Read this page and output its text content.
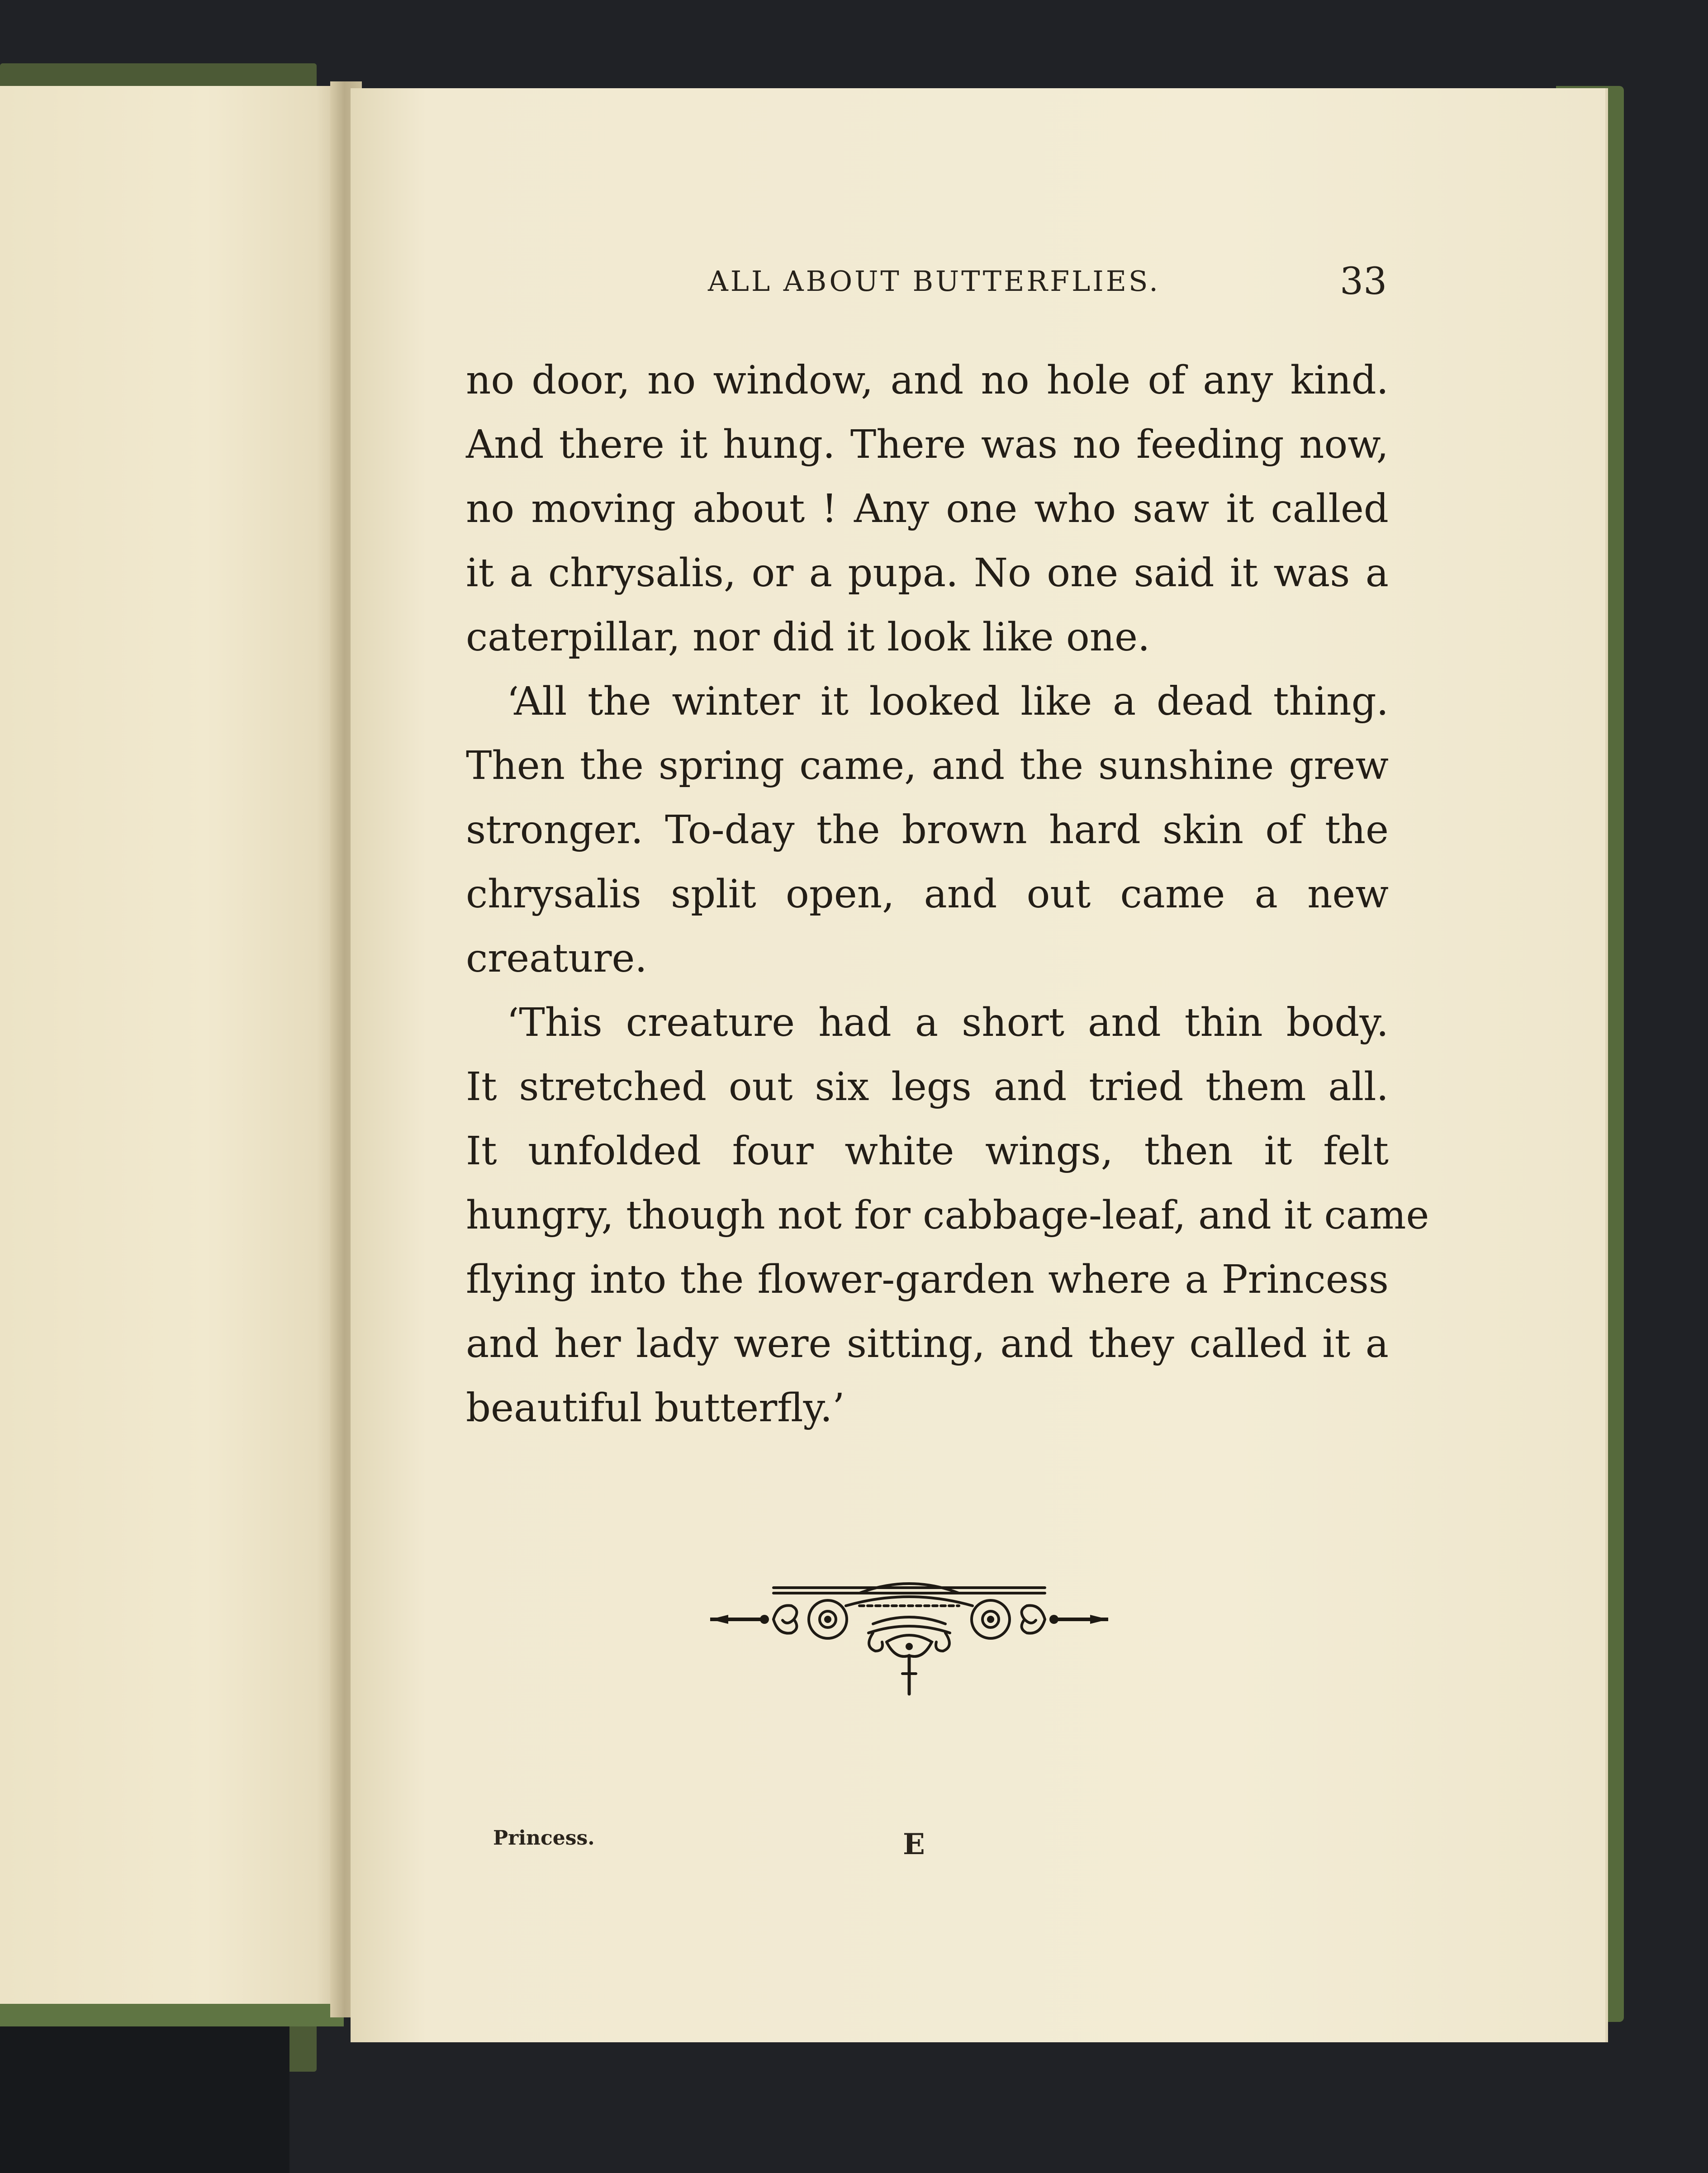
ALL ABOUT BUTTERFLIES.	33
no door, no window, and no hole of any kind.
And there it hung. There was no feeding now,
no moving about ! Any one who saw it called
it a chrysalis, or a pupa. No one said it was a
caterpillar, nor did it look like one.
‘All the winter it looked like a dead thing.
Then the spring came, and the sunshine grew
stronger. To-day the brown hard skin of the
chrysalis split open, and out came a new
creature.
‘This creature had a short and thin body.
It stretched out six legs and tried them all.
It unfolded four white wings, then it felt
hungry, though not for cabbage-leaf, and it came
flying into the flower-garden where a Princess
and her lady were sitting, and they called it a
beautiful butterfly.’
Princess.	E
